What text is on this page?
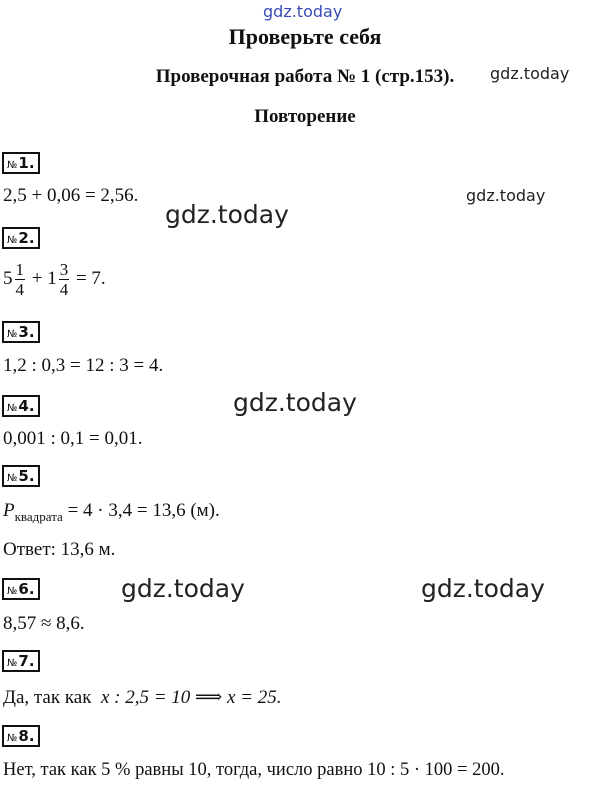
gdz.today
gdz.today
gdz.today
gdz.today
gdz.today
gdz.today	gdz.today
Проверьте себя
Проверочная работа № 1 (стр.153).
Повторение
№1.
2,5 + 0,06 = 2,56.
№2.
$5 \frac{1}{4} + 1 \frac{3}{4} = 7$.
№3.
1,2 : 0,3 = 12 : 3 = 4.
№4.
0,001 : 0,1 = 0,01.
№5.
$P_{квадрата} = 4 \cdot 3,4 = 13,6$ (м).
Ответ: 13,6 м.
№6.
8,57 ≈ 8,6.
№7.
Да, так как x : 2,5 = 10 ⟹ x = 25.
№8.
Нет, так как 5 % равны 10, тогда, число равно 10 : 5 · 100 = 200.
